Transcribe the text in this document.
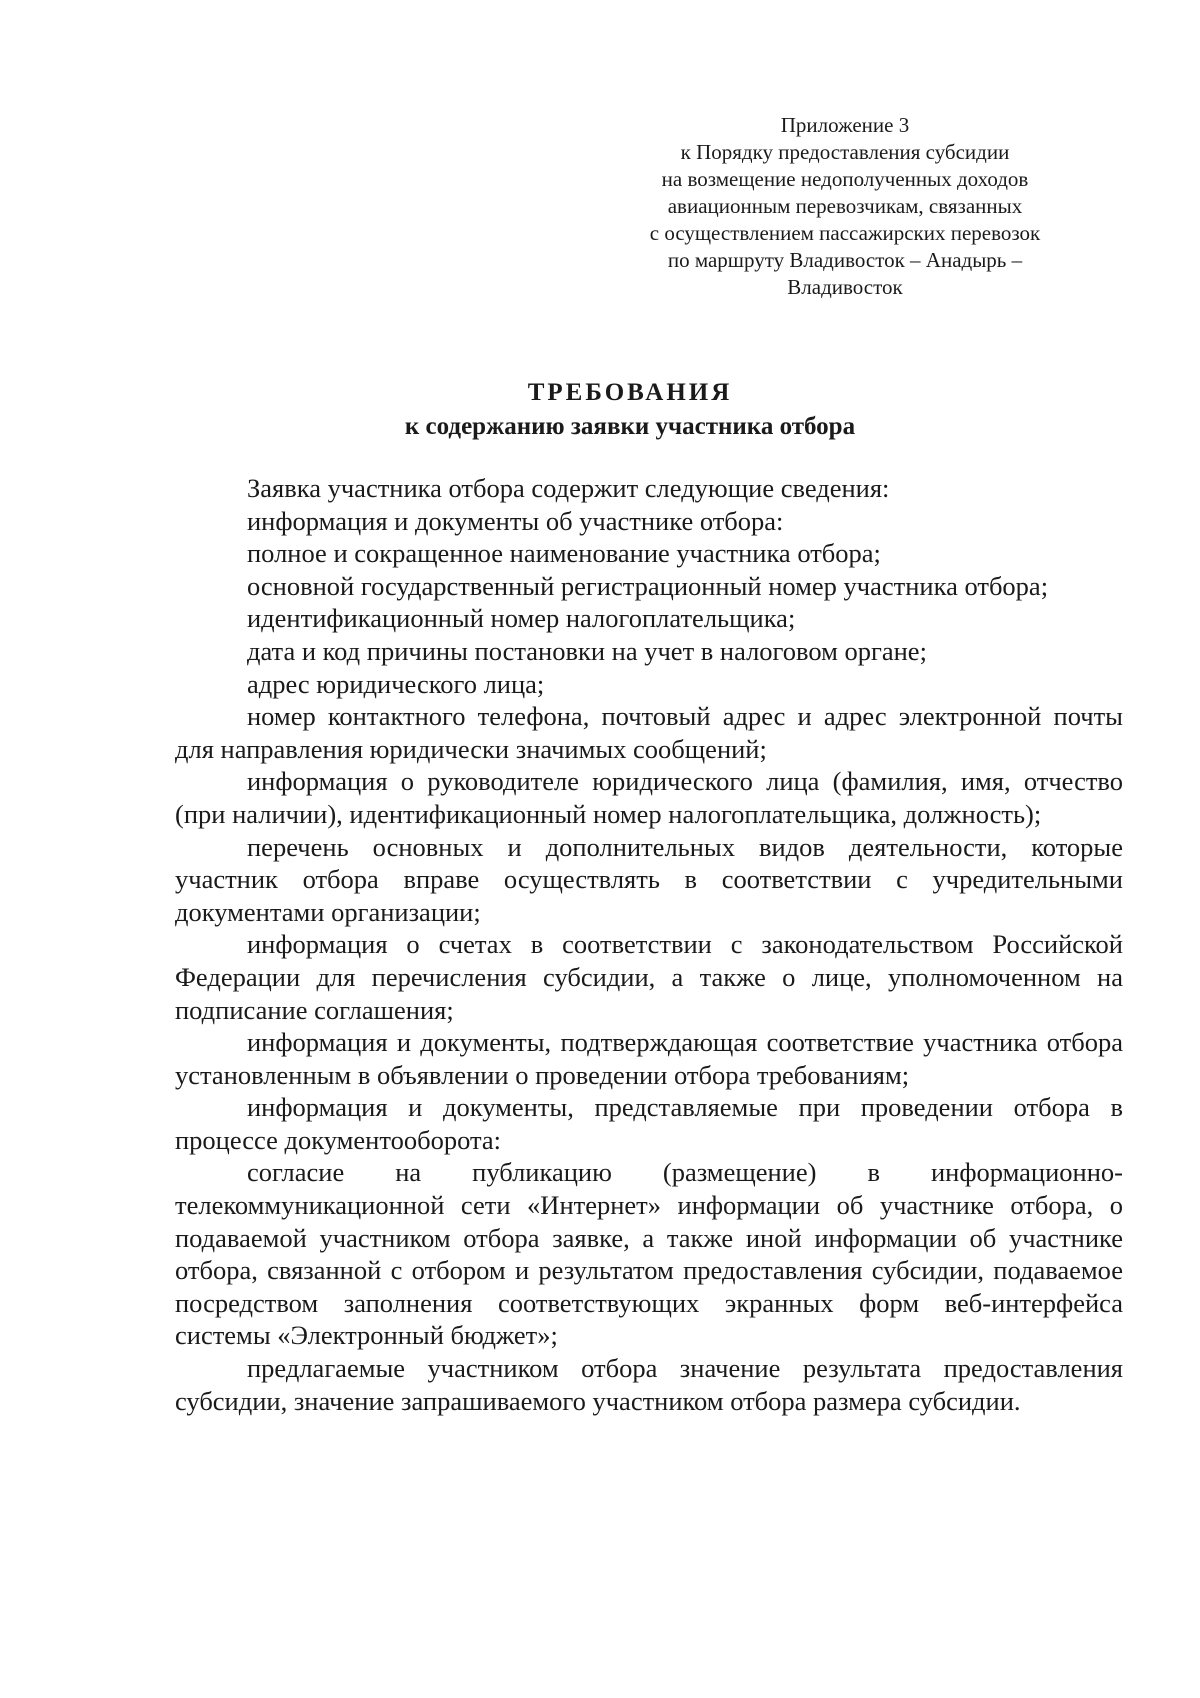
Приложение 3
к Порядку предоставления субсидии
на возмещение недополученных доходов
авиационным перевозчикам, связанных
с осуществлением пассажирских перевозок
по маршруту Владивосток – Анадырь –
Владивосток
ТРЕБОВАНИЯ
к содержанию заявки участника отбора

Заявка участника отбора содержит следующие сведения:

информация и документы об участнике отбора:

полное и сокращенное наименование участника отбора;

основной государственный регистрационный номер участника отбора;

идентификационный номер налогоплательщика;

дата и код причины постановки на учет в налоговом органе;

адрес юридического лица;

номер контактного телефона, почтовый адрес и адрес электронной почты для направления юридически значимых сообщений;

информация о руководителе юридического лица (фамилия, имя, отчество (при наличии), идентификационный номер налогоплательщика, должность);

перечень основных и дополнительных видов деятельности, которые участник отбора вправе осуществлять в соответствии с учредительными документами организации;

информация о счетах в соответствии с законодательством Российской Федерации для перечисления субсидии, а также о лице, уполномоченном на подписание соглашения;

информация и документы, подтверждающая соответствие участника отбора установленным в объявлении о проведении отбора требованиям;

информация и документы, представляемые при проведении отбора в процессе документооборота:

согласие на публикацию (размещение) в информационно-телекоммуникационной сети «Интернет» информации об участнике отбора, о подаваемой участником отбора заявке, а также иной информации об участнике отбора, связанной с отбором и результатом предоставления субсидии, подаваемое посредством заполнения соответствующих экранных форм веб-интерфейса системы «Электронный бюджет»;

предлагаемые участником отбора значение результата предоставления субсидии, значение запрашиваемого участником отбора размера субсидии.
